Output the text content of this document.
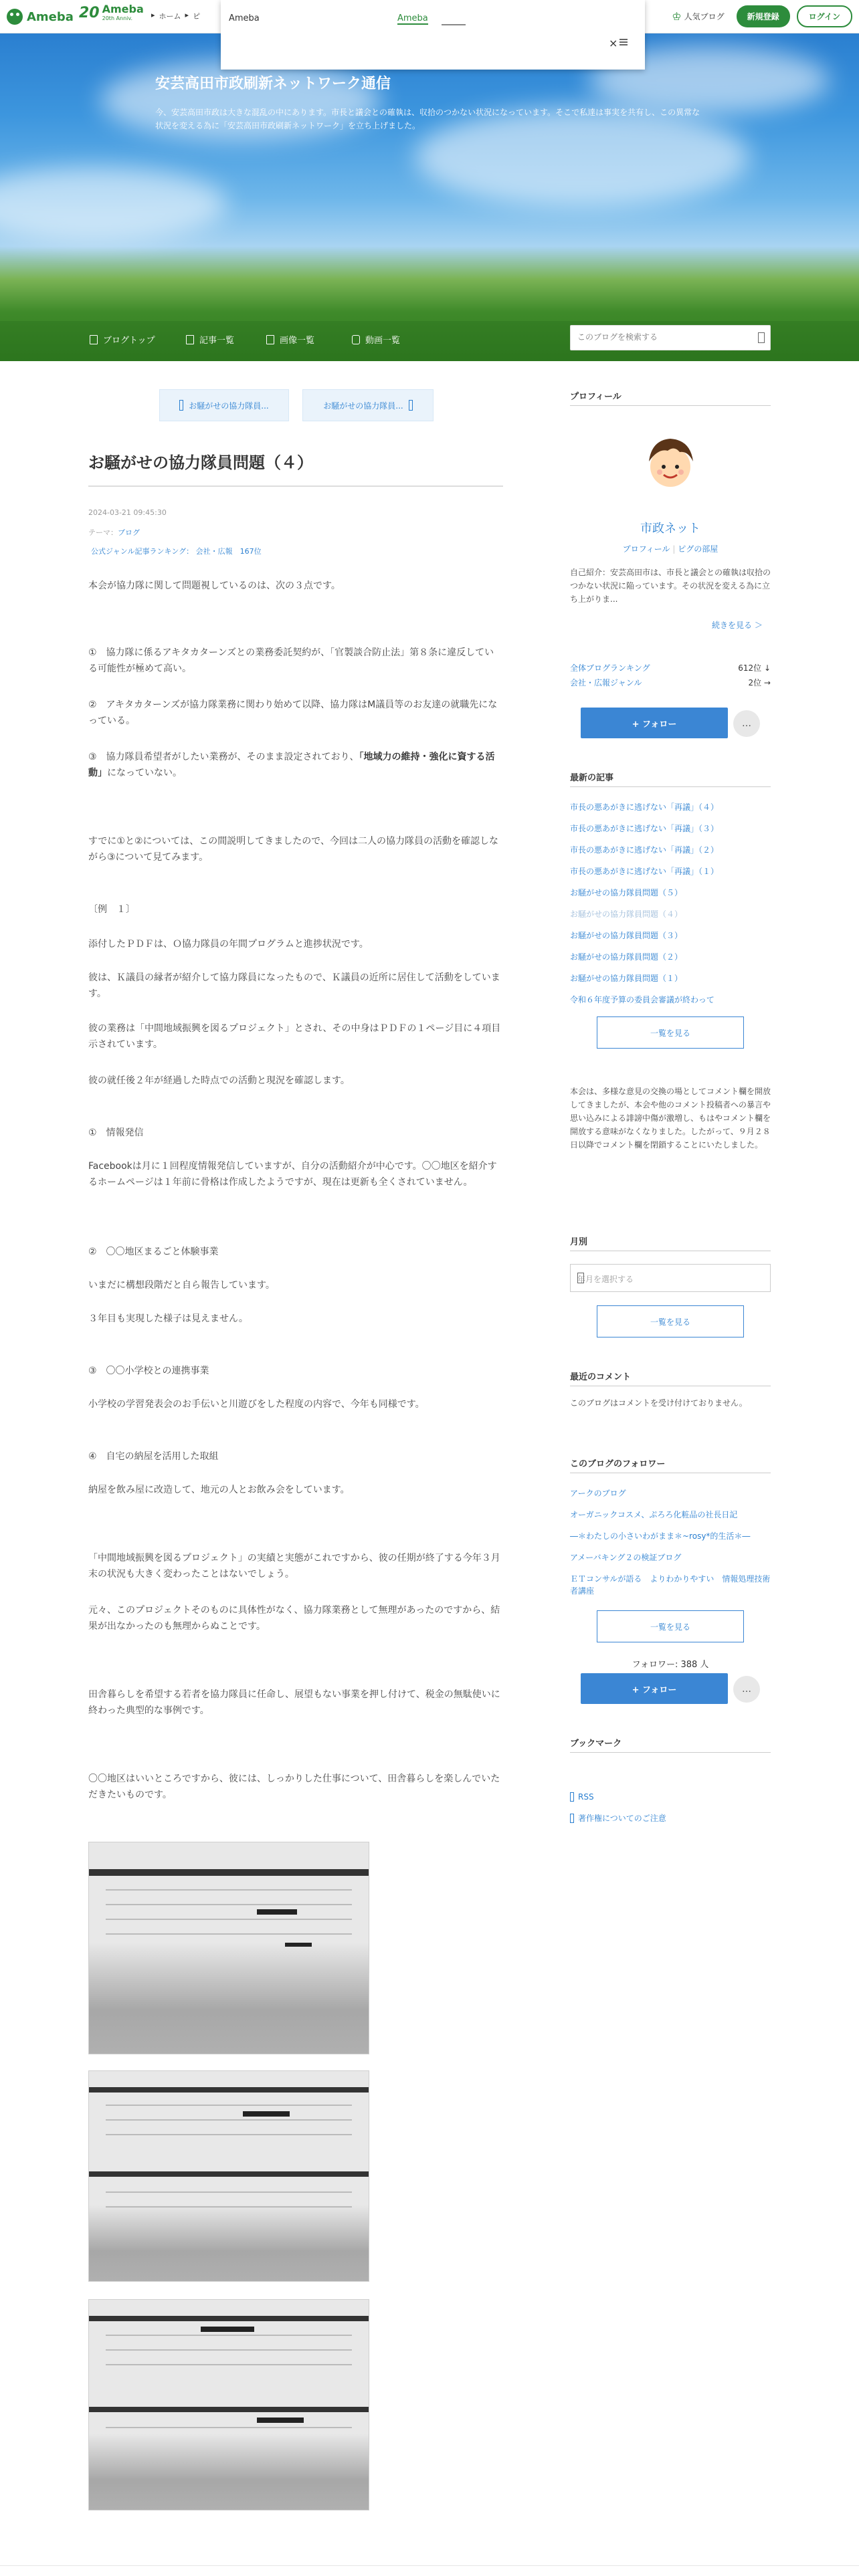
Ameba 20 Ameba
20th Anniv.	▸ ホーム ▸ ピ	♔ 人気ブログ	新規登録	ログイン
Ameba	Ameba
×
安芸高田市政刷新ネットワーク通信
今、安芸高田市政は大きな混乱の中にあります。市長と議会との確執は、収拾のつかない状況になっています。そこで私達は事実を共有し、この異常な状況を変える為に「安芸高田市政刷新ネットワーク」を立ち上げました。
ブログトップ	記事一覧	画像一覧	動画一覧
このブログを検索する
お騒がせの協力隊員...	お騒がせの協力隊員...
お騒がせの協力隊員問題（４）
2024-03-21 09:45:30
テーマ：ブログ
公式ジャンル記事ランキング： 会社・広報　167位

本会が協力隊に関して問題視しているのは、次の３点です。

①　協力隊に係るアキタカターンズとの業務委託契約が、「官製談合防止法」第８条に違反している可能性が極めて高い。

②　アキタカターンズが協力隊業務に関わり始めて以降、協力隊はM議員等のお友達の就職先になっている。

③　協力隊員希望者がしたい業務が、そのまま設定されており、「地域力の維持・強化に資する活動」になっていない。

すでに①と②については、この間説明してきましたので、今回は二人の協力隊員の活動を確認しながら③について見てみます。

〔例　１〕

添付したＰＤＦは、Ｏ協力隊員の年間プログラムと進捗状況です。

彼は、Ｋ議員の縁者が紹介して協力隊員になったもので、Ｋ議員の近所に居住して活動をしています。

彼の業務は「中間地域振興を図るプロジェクト」とされ、その中身はＰＤＦの１ページ目に４項目示されています。

彼の就任後２年が経過した時点での活動と現況を確認します。

①　情報発信

Facebookは月に１回程度情報発信していますが、自分の活動紹介が中心です。〇〇地区を紹介するホームページは１年前に骨格は作成したようですが、現在は更新も全くされていません。

②　〇〇地区まるごと体験事業

いまだに構想段階だと自ら報告しています。

３年目も実現した様子は見えません。

③　〇〇小学校との連携事業

小学校の学習発表会のお手伝いと川遊びをした程度の内容で、今年も同様です。

④　自宅の納屋を活用した取組

納屋を飲み屋に改造して、地元の人とお飲み会をしています。

「中間地域振興を図るプロジェクト」の実績と実態がこれですから、彼の任期が終了する今年３月末の状況も大きく変わったことはないでしょう。

元々、このプロジェクトそのものに具体性がなく、協力隊業務として無理があったのですから、結果が出なかったのも無理からぬことです。

田舎暮らしを希望する若者を協力隊員に任命し、展望もない事業を押し付けて、税金の無駄使いに終わった典型的な事例です。

〇〇地区はいいところですから、彼には、しっかりした仕事について、田舎暮らしを楽しんでいただきたいものです。

プロフィール
市政ネット
プロフィール | ピグの部屋
自己紹介：安芸高田市は、市長と議会との確執は収拾のつかない状況に陥っています。その状況を変える為に立ち上がりま...
続きを見る ＞
全体ブログランキング	612位 ↓
会社・広報ジャンル	2位 →
+ フォロー	…
最新の記事
市長の悪あがきに逃げない「再議」（４）
市長の悪あがきに逃げない「再議」（３）
市長の悪あがきに逃げない「再議」（２）
市長の悪あがきに逃げない「再議」（１）
お騒がせの協力隊員問題（５）
お騒がせの協力隊員問題（４）
お騒がせの協力隊員問題（３）
お騒がせの協力隊員問題（２）
お騒がせの協力隊員問題（１）
令和６年度予算の委員会審議が終わって
一覧を見る
本会は、多様な意見の交換の場としてコメント欄を開放してきましたが、本会や他のコメント投稿者への暴言や思い込みによる誹謗中傷が激増し、もはやコメント欄を開放する意味がなくなりました。したがって、９月２８日以降でコメント欄を閉鎖することにいたしました。
月別
年月を選択する
一覧を見る
最近のコメント
このブログはコメントを受け付けておりません。
このブログのフォロワー
アークのブログ
オーガニックコスメ、ぷろろ化粧品の社長日記
―＊わたしの小さいわがまま＊~rosy*的生活＊―
アメーバキング２の検証ブログ
ＥＴコンサルが語る　よりわかりやすい　情報処理技術者講座
一覧を見る
フォロワー: 388 人
+ フォロー	…
ブックマーク
RSS
著作権についてのご注意
